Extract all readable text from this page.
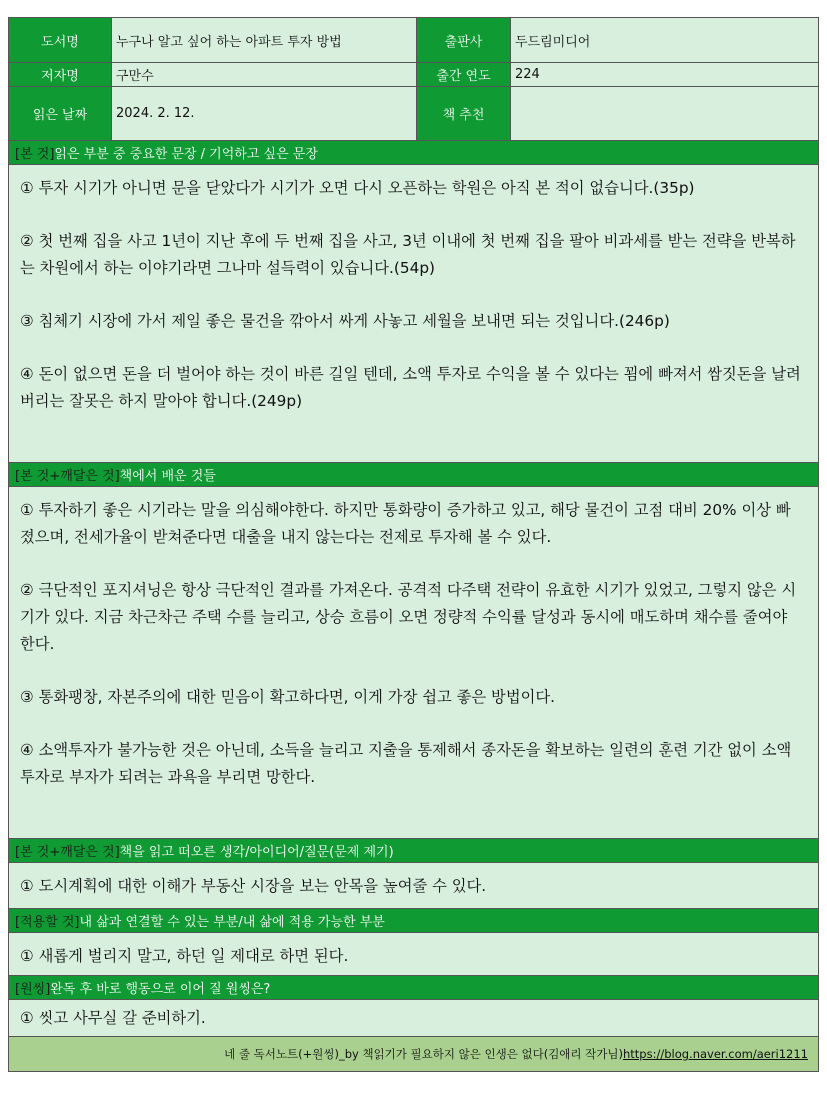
도서명	누구나 알고 싶어 하는 아파트 투자 방법	출판사	두드림미디어
저자명	구만수	출간 연도	224
읽은 날짜	2024. 2. 12.	책 추천
[본 것] 읽은 부분 중 중요한 문장 / 기억하고 싶은 문장

① 투자 시기가 아니면 문을 닫았다가 시기가 오면 다시 오픈하는 학원은 아직 본 적이 없습니다.(35p)

② 첫 번째 집을 사고 1년이 지난 후에 두 번째 집을 사고, 3년 이내에 첫 번째 집을 팔아 비과세를 받는 전략을 반복하는 차원에서 하는 이야기라면 그나마 설득력이 있습니다.(54p)

③ 침체기 시장에 가서 제일 좋은 물건을 깎아서 싸게 사놓고 세월을 보내면 되는 것입니다.(246p)

④ 돈이 없으면 돈을 더 벌어야 하는 것이 바른 길일 텐데, 소액 투자로 수익을 볼 수 있다는 꾐에 빠져서 쌈짓돈을 날려버리는 잘못은 하지 말아야 합니다.(249p)

[본 것+깨달은 것] 책에서 배운 것들

① 투자하기 좋은 시기라는 말을 의심해야한다. 하지만 통화량이 증가하고 있고, 해당 물건이 고점 대비 20% 이상 빠졌으며, 전세가율이 받쳐준다면 대출을 내지 않는다는 전제로 투자해 볼 수 있다.

② 극단적인 포지셔닝은 항상 극단적인 결과를 가져온다. 공격적 다주택 전략이 유효한 시기가 있었고, 그렇지 않은 시기가 있다. 지금 차근차근 주택 수를 늘리고, 상승 흐름이 오면 정량적 수익률 달성과 동시에 매도하며 채수를 줄여야 한다.

③ 통화팽창, 자본주의에 대한 믿음이 확고하다면, 이게 가장 쉽고 좋은 방법이다.

④ 소액투자가 불가능한 것은 아닌데, 소득을 늘리고 지출을 통제해서 종자돈을 확보하는 일련의 훈련 기간 없이 소액투자로 부자가 되려는 과욕을 부리면 망한다.

[본 것+깨달은 것] 책을 읽고 떠오른 생각/아이디어/질문(문제 제기)

① 도시계획에 대한 이해가 부동산 시장을 보는 안목을 높여줄 수 있다.

[적용할 것] 내 삶과 연결할 수 있는 부분/내 삶에 적용 가능한 부분

① 새롭게 벌리지 말고, 하던 일 제대로 하면 된다.

[원씽] 완독 후 바로 행동으로 이어 질 원씽은?

① 씻고 사무실 갈 준비하기.

네 줄 독서노트(+원씽)_by 책읽기가 필요하지 않은 인생은 없다(김애리 작가님) https://blog.naver.com/aeri1211
